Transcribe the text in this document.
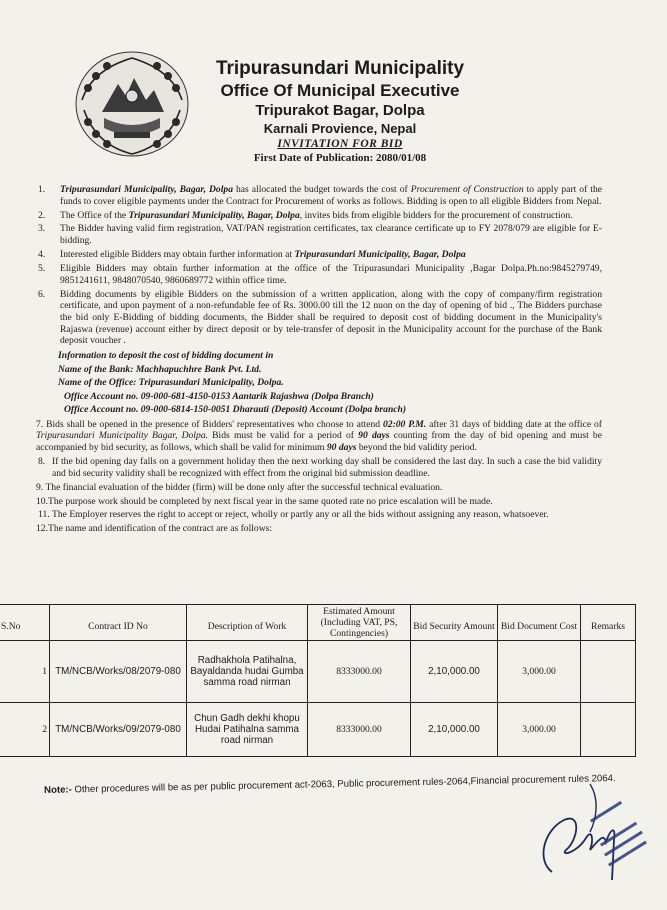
Tripurasundari Municipality
Office Of Municipal Executive
Tripurakot Bagar, Dolpa
Karnali Provience, Nepal
INVITATION FOR BID
First Date of Publication: 2080/01/08
1.	Tripurasundari Municipality, Bagar, Dolpa has allocated the budget towards the cost of Procurement of Construction to apply part of the funds to cover eligible payments under the Contract for Procurement of works as follows. Bidding is open to all eligible Bidders from Nepal.
2.	The Office of the Tripurasundari Municipality, Bagar, Dolpa, invites bids from eligible bidders for the procurement of construction.
3.	The Bidder having valid firm registration, VAT/PAN registration certificates, tax clearance certificate up to FY 2078/079 are eligible for E-bidding.
4.	Interested eligible Bidders may obtain further information at Tripurasundari Municipality, Bagar, Dolpa
5.	Eligible Bidders may obtain further information at the office of the Tripurasundari Municipality ,Bagar Dolpa.Ph.no:9845279749, 9851241611, 9848070540, 9860689772 within office time.
6.	Bidding documents by eligible Bidders on the submission of a written application, along with the copy of company/firm registration certificate, and upon payment of a non-refundable fee of Rs. 3000.00 till the 12 nuon on the day of opening of bid ., The Bidders purchase the bid only E-Bidding of bidding documents, the Bidder shall be required to deposit cost of bidding document in the Municipality's Rajaswa (revenue) account either by direct deposit or by tele-transfer of deposit in the Municipality account for the purchase of the Bank deposit voucher .
Information to deposit the cost of bidding document in
Name of the Bank: Machhapuchhre Bank Pvt. Ltd.
Name of the Office: Tripurasundari Municipality, Dolpa.
Office Account no. 09-000-681-4150-0153 Aantarik Rajashwa (Dolpa Branch)
Office Account no. 09-000-6814-150-0051 Dharauti (Deposit) Account (Dolpa branch)
7. Bids shall be opened in the presence of Bidders' representatives who choose to attend 02:00 P.M. after 31 days of bidding date at the office of Tripurasundari Municipality Bagar, Dolpa. Bids must be valid for a period of 90 days counting from the day of bid opening and must be accompanied by bid security, as follows, which shall be valid for minimum 90 days beyond the bid validity period.
8. If the bid opening day falls on a government holiday then the next working day shall be considered the last day. In such a case the bid validity and bid security validity shall be recognized with effect from the original bid submission deadline.
9. The financial evaluation of the bidder (firm) will be done only after the successful technical evaluation.
10.The purpose work should be completed by next fiscal year in the same quoted rate no price escalation will be made.
11. The Employer reserves the right to accept or reject, wholly or partly any or all the bids without assigning any reason, whatsoever.
12.The name and identification of the contract are as follows:
S.No	Contract ID No	Description of Work	Estimated Amount (Including VAT, PS, Contingencies)	Bid Security Amount	Bid Document Cost	Remarks
1	TM/NCB/Works/08/2079-080	Radhakhola Patihalna, Bayaldanda hudai Gumba samma road nirman	8333000.00	2,10,000.00	3,000.00	
2	TM/NCB/Works/09/2079-080	Chun Gadh dekhi khopu Hudai Patihalna samma road nirman	8333000.00	2,10,000.00	3,000.00	
Note:- Other procedures will be as per public procurement act-2063, Public procurement rules-2064,Financial procurement rules 2064.
